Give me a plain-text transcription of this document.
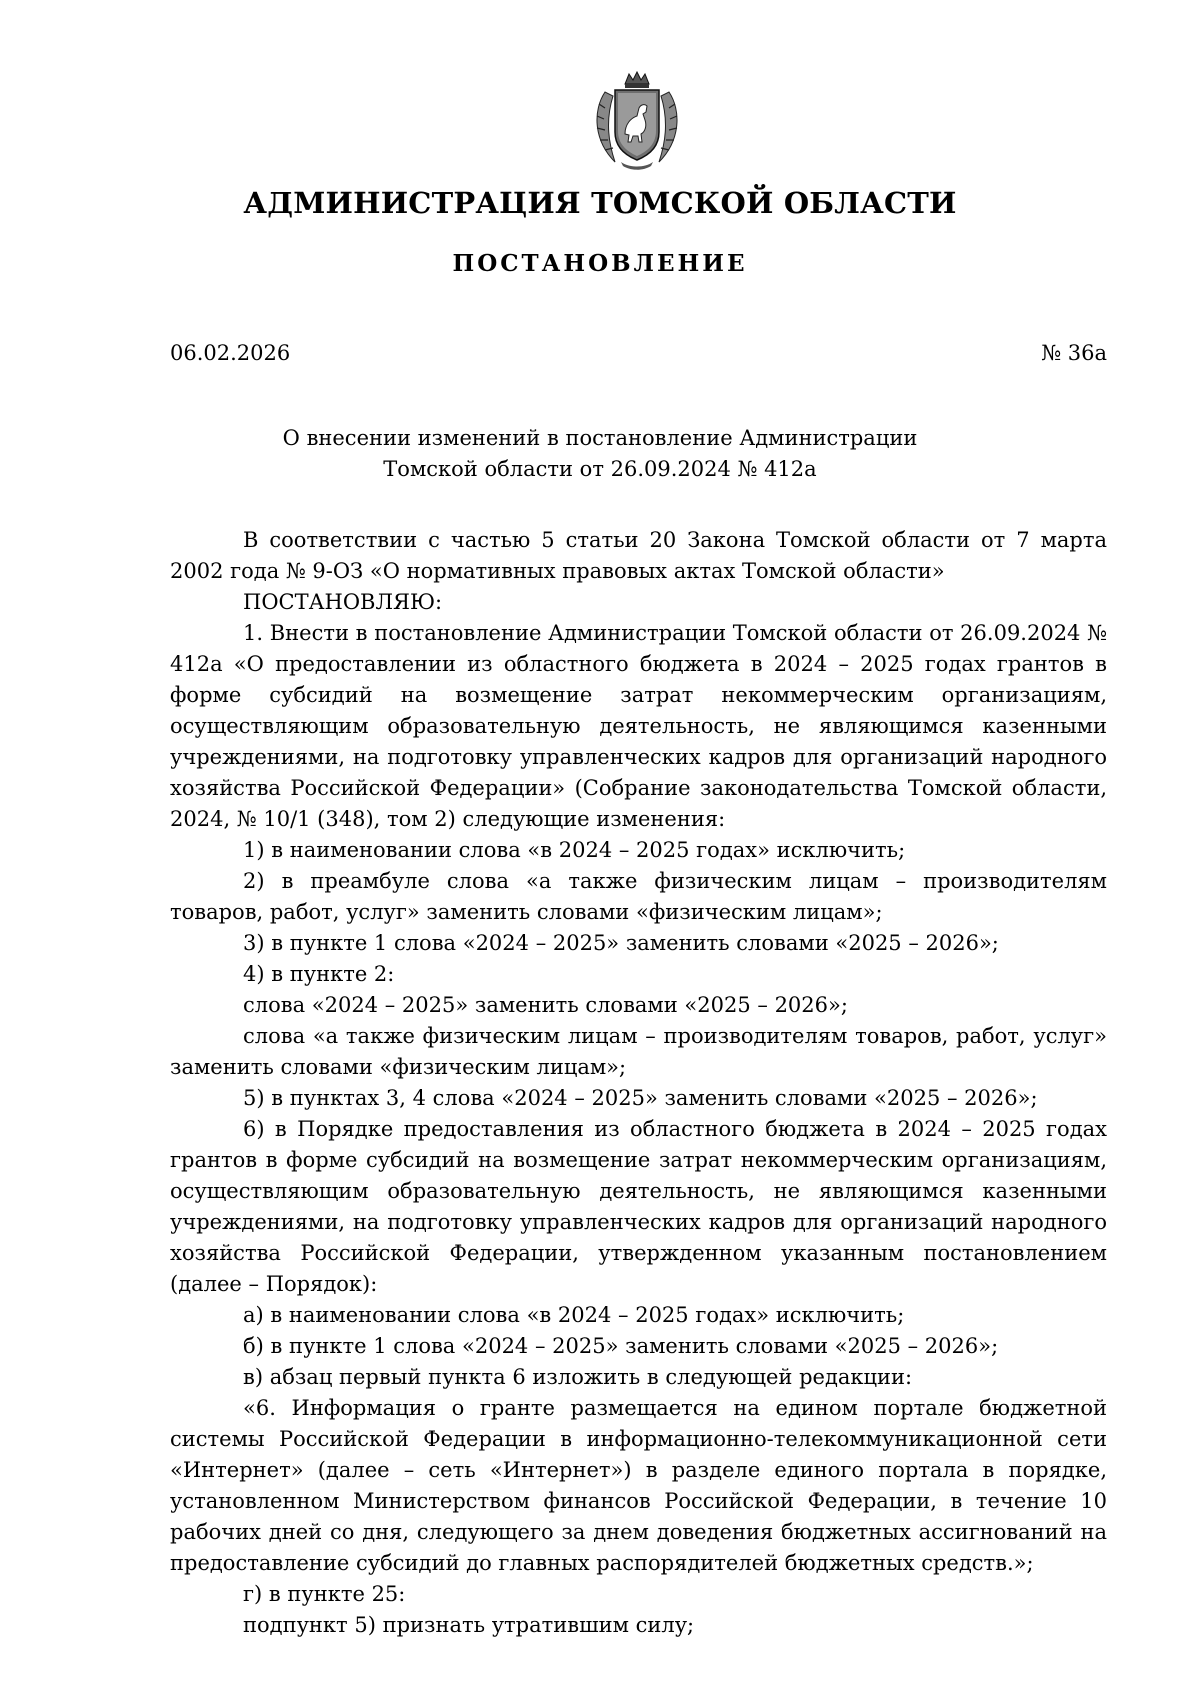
АДМИНИСТРАЦИЯ ТОМСКОЙ ОБЛАСТИ
ПОСТАНОВЛЕНИЕ
06.02.2026	№ 36а
О внесении изменений в постановление Администрации
Томской области от 26.09.2024 № 412а

В соответствии с частью 5 статьи 20 Закона Томской области от 7 марта 2002 года № 9-ОЗ «О нормативных правовых актах Томской области»

ПОСТАНОВЛЯЮ:

1. Внести в постановление Администрации Томской области от 26.09.2024 № 412а «О предоставлении из областного бюджета в 2024 – 2025 годах грантов в форме субсидий на возмещение затрат некоммерческим организациям, осуществляющим образовательную деятельность, не являющимся казенными учреждениями, на подготовку управленческих кадров для организаций народного хозяйства Российской Федерации» (Собрание законодательства Томской области, 2024, № 10/1 (348), том 2) следующие изменения:

1) в наименовании слова «в 2024 – 2025 годах» исключить;

2) в преамбуле слова «а также физическим лицам – производителям товаров, работ, услуг» заменить словами «физическим лицам»;

3) в пункте 1 слова «2024 – 2025» заменить словами «2025 – 2026»;

4) в пункте 2:

слова «2024 – 2025» заменить словами «2025 – 2026»;

слова «а также физическим лицам – производителям товаров, работ, услуг» заменить словами «физическим лицам»;

5) в пунктах 3, 4 слова «2024 – 2025» заменить словами «2025 – 2026»;

6) в Порядке предоставления из областного бюджета в 2024 – 2025 годах грантов в форме субсидий на возмещение затрат некоммерческим организациям, осуществляющим образовательную деятельность, не являющимся казенными учреждениями, на подготовку управленческих кадров для организаций народного хозяйства Российской Федерации, утвержденном указанным постановлением (далее – Порядок):

а) в наименовании слова «в 2024 – 2025 годах» исключить;

б) в пункте 1 слова «2024 – 2025» заменить словами «2025 – 2026»;

в) абзац первый пункта 6 изложить в следующей редакции:

«6. Информация о гранте размещается на едином портале бюджетной системы Российской Федерации в информационно-телекоммуникационной сети «Интернет» (далее – сеть «Интернет») в разделе единого портала в порядке, установленном Министерством финансов Российской Федерации, в течение 10 рабочих дней со дня, следующего за днем доведения бюджетных ассигнований на предоставление субсидий до главных распорядителей бюджетных средств.»;

г) в пункте 25:

подпункт 5) признать утратившим силу;
